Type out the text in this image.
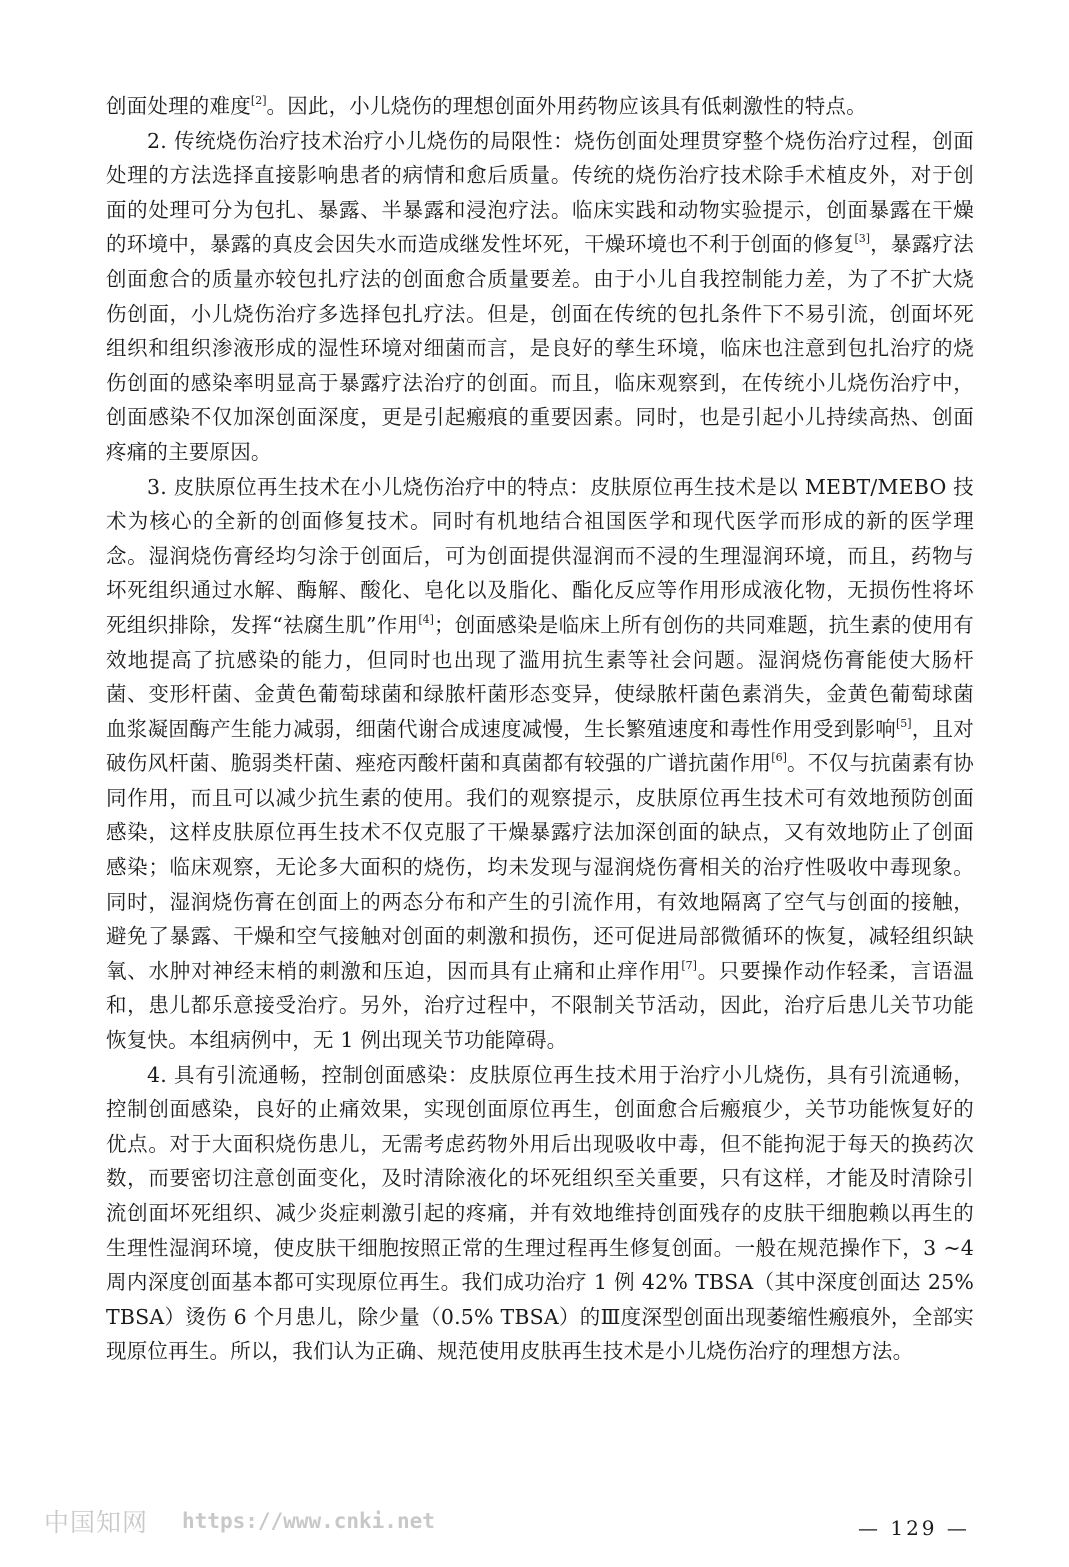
创面处理的难度[2]。因此，小儿烧伤的理想创面外用药物应该具有低刺激性的特点。

2. 传统烧伤治疗技术治疗小儿烧伤的局限性：烧伤创面处理贯穿整个烧伤治疗过程，创面处理的方法选择直接影响患者的病情和愈后质量。传统的烧伤治疗技术除手术植皮外，对于创面的处理可分为包扎、暴露、半暴露和浸泡疗法。临床实践和动物实验提示，创面暴露在干燥的环境中，暴露的真皮会因失水而造成继发性坏死，干燥环境也不利于创面的修复[3]，暴露疗法创面愈合的质量亦较包扎疗法的创面愈合质量要差。由于小儿自我控制能力差，为了不扩大烧伤创面，小儿烧伤治疗多选择包扎疗法。但是，创面在传统的包扎条件下不易引流，创面坏死组织和组织渗液形成的湿性环境对细菌而言，是良好的孳生环境，临床也注意到包扎治疗的烧伤创面的感染率明显高于暴露疗法治疗的创面。而且，临床观察到，在传统小儿烧伤治疗中，创面感染不仅加深创面深度，更是引起瘢痕的重要因素。同时，也是引起小儿持续高热、创面疼痛的主要原因。

3. 皮肤原位再生技术在小儿烧伤治疗中的特点：皮肤原位再生技术是以 MEBT/MEBO 技术为核心的全新的创面修复技术。同时有机地结合祖国医学和现代医学而形成的新的医学理念。湿润烧伤膏经均匀涂于创面后，可为创面提供湿润而不浸的生理湿润环境，而且，药物与坏死组织通过水解、酶解、酸化、皂化以及脂化、酯化反应等作用形成液化物，无损伤性将坏死组织排除，发挥“祛腐生肌”作用[4]；创面感染是临床上所有创伤的共同难题，抗生素的使用有效地提高了抗感染的能力，但同时也出现了滥用抗生素等社会问题。湿润烧伤膏能使大肠杆菌、变形杆菌、金黄色葡萄球菌和绿脓杆菌形态变异，使绿脓杆菌色素消失，金黄色葡萄球菌血浆凝固酶产生能力减弱，细菌代谢合成速度减慢，生长繁殖速度和毒性作用受到影响[5]，且对破伤风杆菌、脆弱类杆菌、痤疮丙酸杆菌和真菌都有较强的广谱抗菌作用[6]。不仅与抗菌素有协同作用，而且可以减少抗生素的使用。我们的观察提示，皮肤原位再生技术可有效地预防创面感染，这样皮肤原位再生技术不仅克服了干燥暴露疗法加深创面的缺点，又有效地防止了创面感染；临床观察，无论多大面积的烧伤，均未发现与湿润烧伤膏相关的治疗性吸收中毒现象。同时，湿润烧伤膏在创面上的两态分布和产生的引流作用，有效地隔离了空气与创面的接触，避免了暴露、干燥和空气接触对创面的刺激和损伤，还可促进局部微循环的恢复，减轻组织缺氧、水肿对神经末梢的刺激和压迫，因而具有止痛和止痒作用[7]。只要操作动作轻柔，言语温和，患儿都乐意接受治疗。另外，治疗过程中，不限制关节活动，因此，治疗后患儿关节功能恢复快。本组病例中，无 1 例出现关节功能障碍。

4. 具有引流通畅，控制创面感染：皮肤原位再生技术用于治疗小儿烧伤，具有引流通畅，控制创面感染，良好的止痛效果，实现创面原位再生，创面愈合后瘢痕少，关节功能恢复好的优点。对于大面积烧伤患儿，无需考虑药物外用后出现吸收中毒，但不能拘泥于每天的换药次数，而要密切注意创面变化，及时清除液化的坏死组织至关重要，只有这样，才能及时清除引流创面坏死组织、减少炎症刺激引起的疼痛，并有效地维持创面残存的皮肤干细胞赖以再生的生理性湿润环境，使皮肤干细胞按照正常的生理过程再生修复创面。一般在规范操作下，3 ~4 周内深度创面基本都可实现原位再生。我们成功治疗 1 例 42% TBSA（其中深度创面达 25% TBSA）烫伤 6 个月患儿，除少量（0.5% TBSA）的Ⅲ度深型创面出现萎缩性瘢痕外，全部实现原位再生。所以，我们认为正确、规范使用皮肤再生技术是小儿烧伤治疗的理想方法。

— 129 —
中国知网 https://www.cnki.net
